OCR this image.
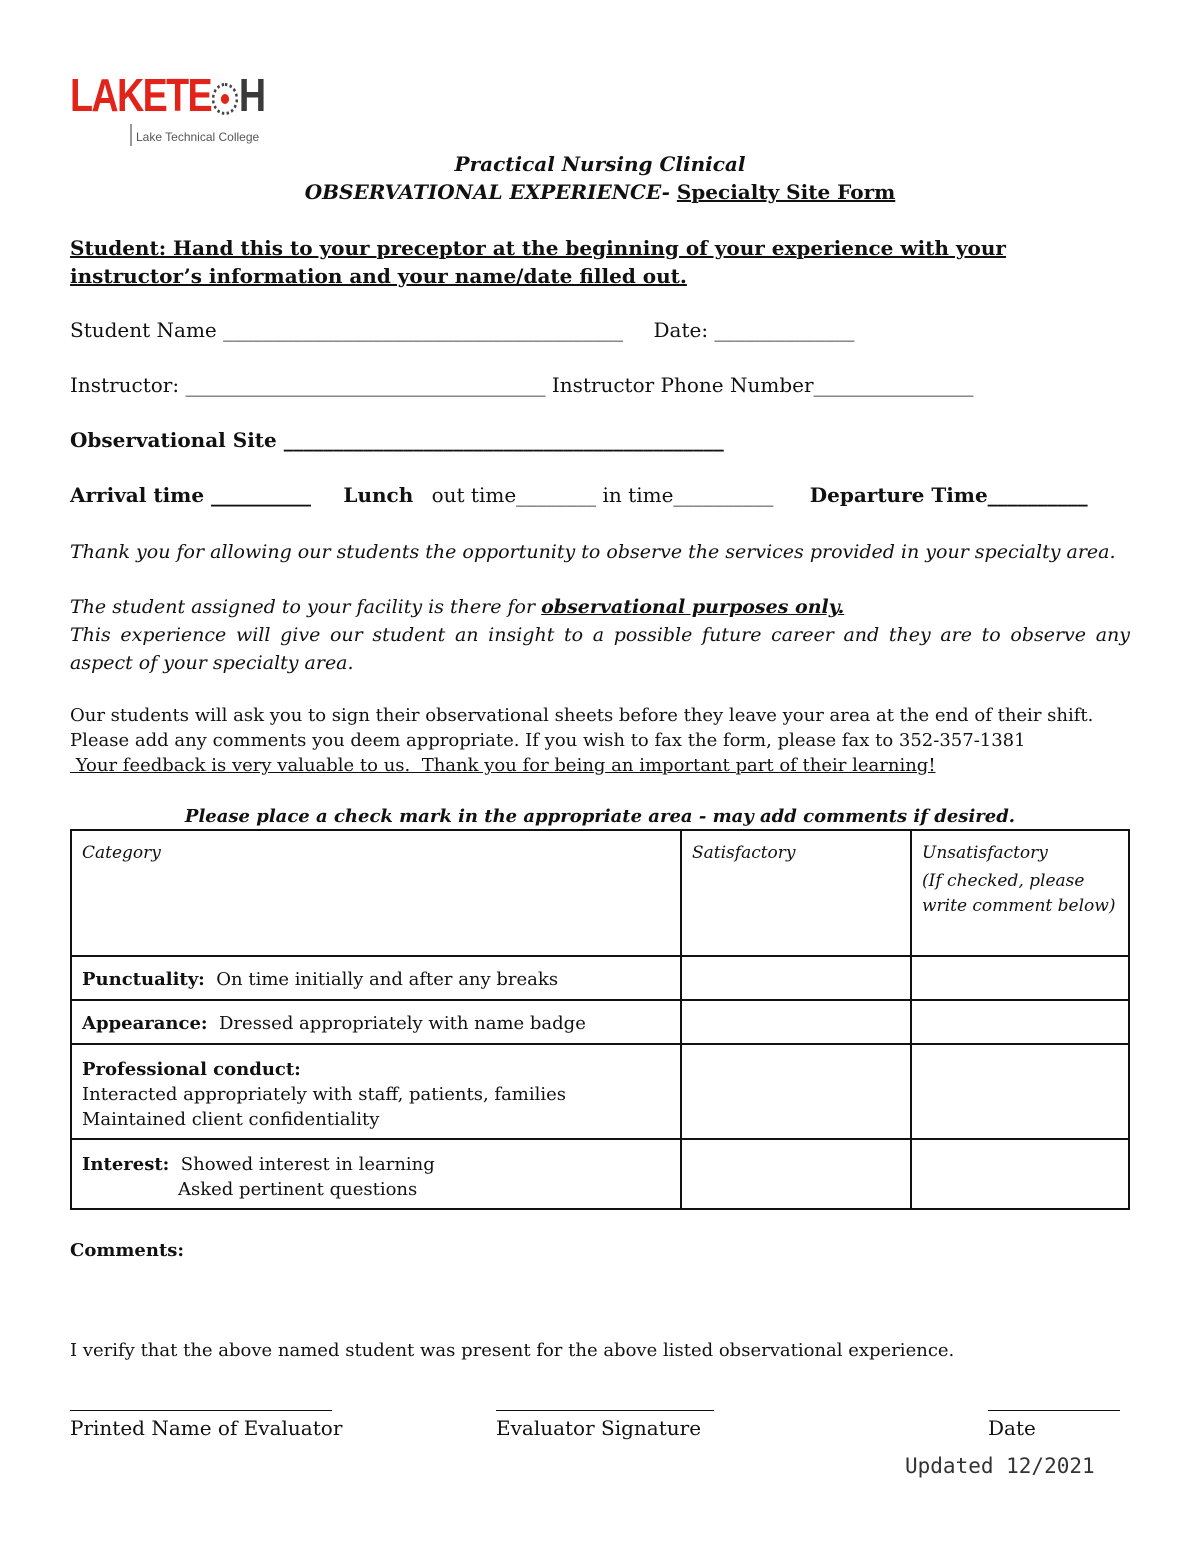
LAKETE H
Lake Technical College
Practical Nursing Clinical
OBSERVATIONAL EXPERIENCE- Specialty Site Form
Student: Hand this to your preceptor at the beginning of your experience with your instructor’s information and your name/date filled out.
Student Name ________________________________________ Date: ______________
Instructor: ____________________________________ Instructor Phone Number________________
Observational Site ____________________________________________
Arrival time __________ Lunch out time________ in time__________ Departure Time__________
Thank you for allowing our students the opportunity to observe the services provided in your specialty area.
The student assigned to your facility is there for observational purposes only.
This experience will give our student an insight to a possible future career and they are to observe any aspect of your specialty area.
Our students will ask you to sign their observational sheets before they leave your area at the end of their shift.
Please add any comments you deem appropriate. If you wish to fax the form, please fax to 352-357-1381
Your feedback is very valuable to us.  Thank you for being an important part of their learning!
Please place a check mark in the appropriate area - may add comments if desired.
Category	Satisfactory	Unsatisfactory
(If checked, please write comment below)

Punctuality: On time initially and after any breaks		
Appearance: Dressed appropriately with name badge		
Professional conduct:
Interacted appropriately with staff, patients, families
Maintained client confidentiality		
Interest: Showed interest in learning
Asked pertinent questions		

Comments:
I verify that the above named student was present for the above listed observational experience.
Printed Name of Evaluator	Evaluator Signature	Date
Updated 12/2021
